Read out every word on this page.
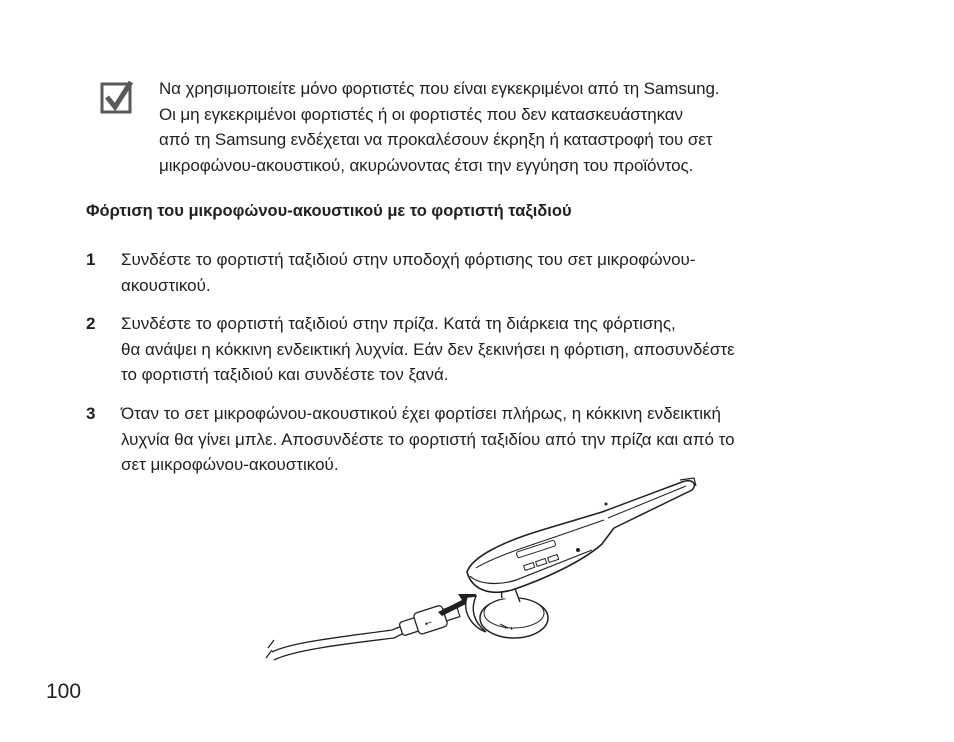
Να χρησιμοποιείτε μόνο φορτιστές που είναι εγκεκριμένοι από τη Samsung.
Οι μη εγκεκριμένοι φορτιστές ή οι φορτιστές που δεν κατασκευάστηκαν
από τη Samsung ενδέχεται να προκαλέσουν έκρηξη ή καταστροφή του σετ
μικροφώνου-ακουστικού, ακυρώνοντας έτσι την εγγύηση του προϊόντος.
Φόρτιση του μικροφώνου-ακουστικού με το φορτιστή ταξιδιού
1 Συνδέστε το φορτιστή ταξιδιού στην υποδοχή φόρτισης του σετ μικροφώνου-
ακουστικού.
2 Συνδέστε το φορτιστή ταξιδιού στην πρίζα. Κατά τη διάρκεια της φόρτισης,
θα ανάψει η κόκκινη ενδεικτική λυχνία. Εάν δεν ξεκινήσει η φόρτιση, αποσυνδέστε
το φορτιστή ταξιδιού και συνδέστε τον ξανά.
3 Όταν το σετ μικροφώνου-ακουστικού έχει φορτίσει πλήρως, η κόκκινη ενδεικτική
λυχνία θα γίνει μπλε. Αποσυνδέστε το φορτιστή ταξιδίου από την πρίζα και από το
σετ μικροφώνου-ακουστικού.
⭠
100
